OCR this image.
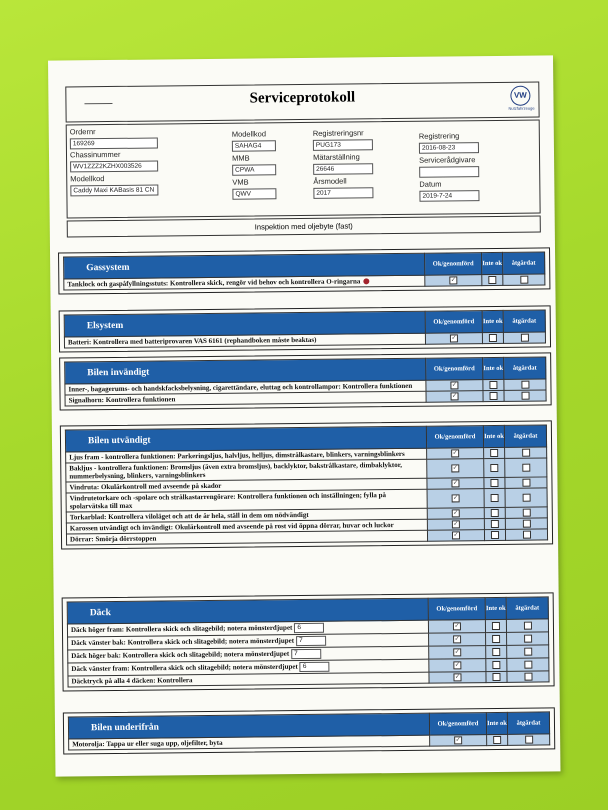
Serviceprotokoll	VW
Nutzfahrzeuge
Ordernr
169269
Chassinummer
WV1ZZZ2KZHX003526
Modellkod
Caddy Maxi KABasis 81 CN
Modellkod
SAHAG4
MMB
CPWA
VMB
QWV
Registreringsnr
PUG173
Mätarställning
26646
Årsmodell
2017
Registrering
2016-08-23
Servicerådgivare
Datum
2019-7-24
Inspektion med oljebyte (fast)
Gassystem	Ok/genomförd	Inte ok	åtgärdat
Tanklock och gaspåfyllningsstuts: Kontrollera skick, rengör vid behov och kontrollera O-ringarna	✓		
Elsystem	Ok/genomförd	Inte ok	åtgärdat
Batteri: Kontrollera med batteriprovaren VAS 6161 (rephandboken måste beaktas)	✓		
Bilen invändigt	Ok/genomförd	Inte ok	åtgärdat
Inner-, bagagerums- och handskfacksbelysning, cigarettändare, eluttag och kontrollampor: Kontrollera funktionen	✓		
Signalhorn: Kontrollera funktionen	✓		
Bilen utvändigt	Ok/genomförd	Inte ok	åtgärdat
Ljus fram - kontrollera funktionen: Parkeringsljus, halvljus, helljus, dimstrålkastare, blinkers, varningsblinkers	✓		
Bakljus - kontrollera funktionen: Bromsljus (även extra bromsljus), backlyktor, bakstrålkastare, dimbaklyktor, nummerbelysning, blinkers, varningsblinkers	✓		
Vindruta: Okulärkontroll med avseende på skador	✓		
Vindrutetorkare och -spolare och strålkastarrengörare: Kontrollera funktionen och inställningen; fylla på spolarvätska till max	✓		
Torkarblad: Kontrollera viloläget och att de är hela, ställ in dem om nödvändigt	✓		
Karossen utvändigt och invändigt: Okulärkontroll med avseende på rost vid öppna dörrar, huvar och luckor	✓		
Dörrar: Smörja dörrstoppen	✓		
Däck	Ok/genomförd	Inte ok	åtgärdat
Däck höger fram: Kontrollera skick och slitagebild; notera mönsterdjupet 6	✓		
Däck vänster bak: Kontrollera skick och slitagebild; notera mönsterdjupet 7	✓		
Däck höger bak: Kontrollera skick och slitagebild; notera mönsterdjupet 7	✓		
Däck vänster fram: Kontrollera skick och slitagebild; notera mönsterdjupet 6	✓		
Däcktryck på alla 4 däcken: Kontrollera	✓		
Bilen underifrån	Ok/genomförd	Inte ok	åtgärdat
Motorolja: Tappa ur eller suga upp, oljefilter, byta	✓		
